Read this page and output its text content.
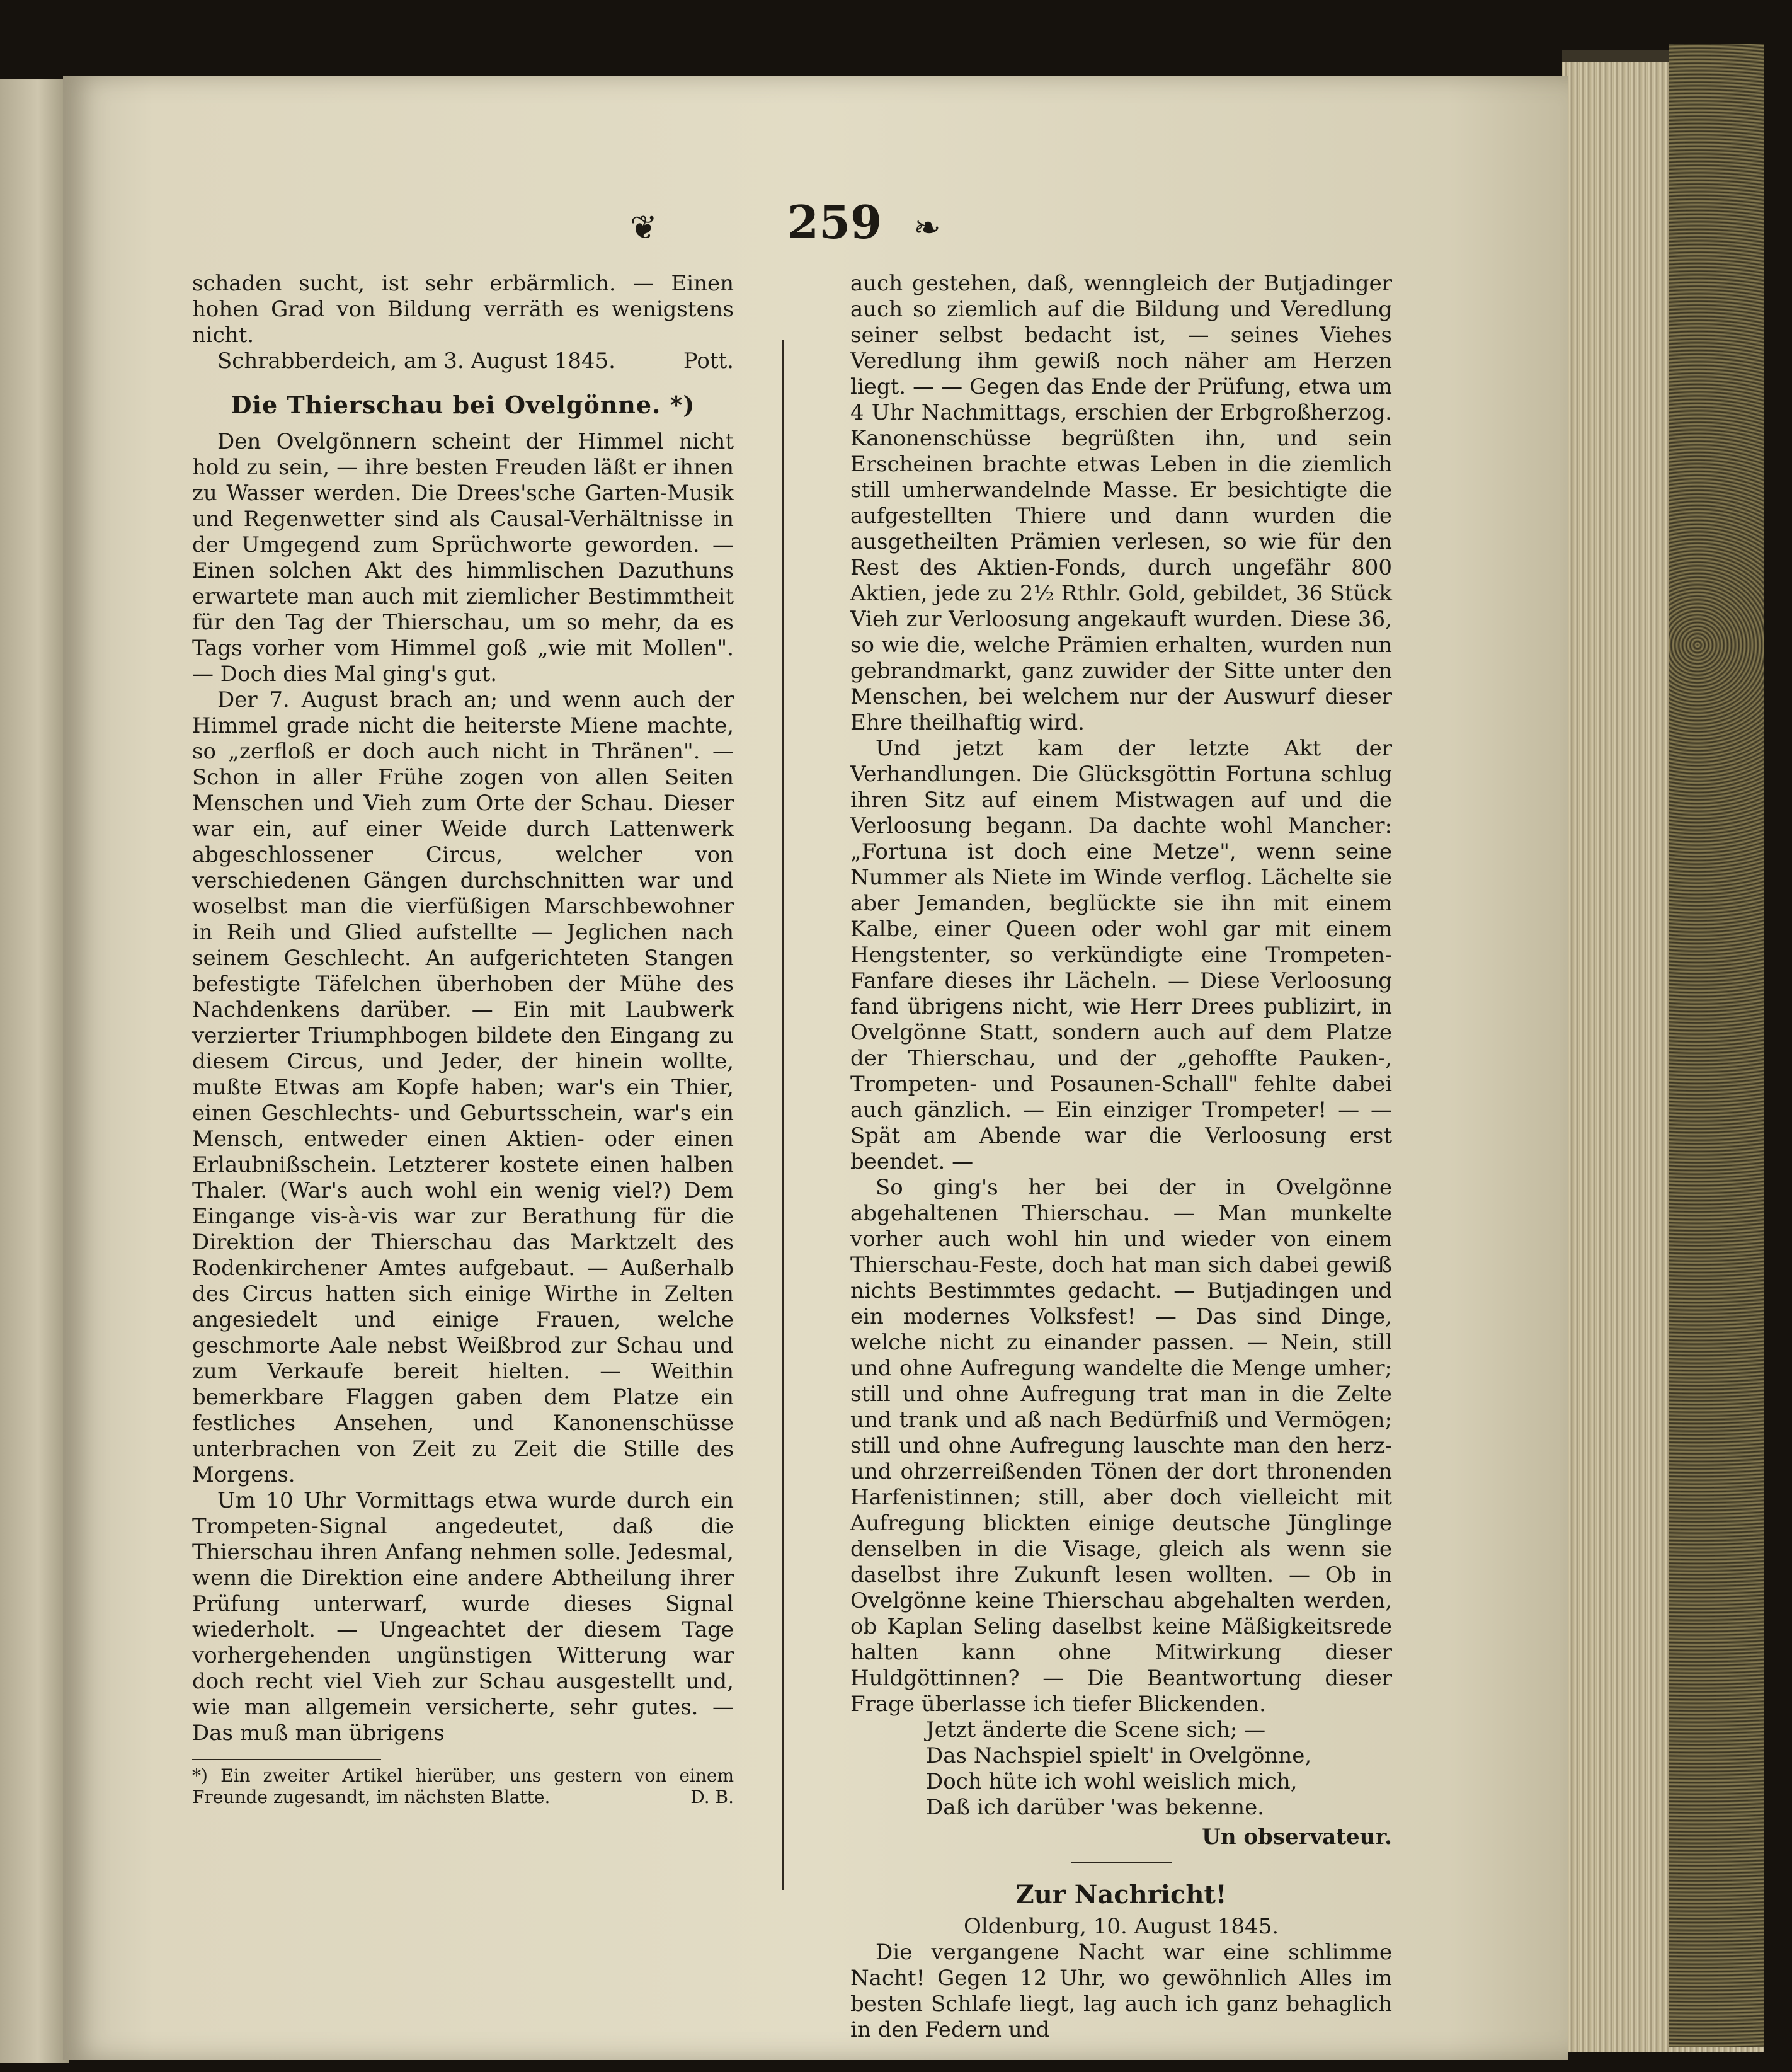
❦	259 ❧

schaden sucht, ist sehr erbärmlich. — Einen hohen Grad von Bildung verräth es wenigstens nicht.

Schrabberdeich, am 3. August 1845.	Pott.
Die Thierschau bei Ovelgönne. *)

Den Ovelgönnern scheint der Himmel nicht hold zu sein, — ihre besten Freuden läßt er ihnen zu Wasser werden. Die Drees'sche Garten-Musik und Regenwetter sind als Causal-Verhältnisse in der Umgegend zum Sprüchworte geworden. — Einen solchen Akt des himmlischen Dazuthuns erwartete man auch mit ziemlicher Bestimmtheit für den Tag der Thierschau, um so mehr, da es Tags vorher vom Himmel goß „wie mit Mollen". — Doch dies Mal ging's gut.

Der 7. August brach an; und wenn auch der Himmel grade nicht die heiterste Miene machte, so „zerfloß er doch auch nicht in Thränen". — Schon in aller Frühe zogen von allen Seiten Menschen und Vieh zum Orte der Schau. Dieser war ein, auf einer Weide durch Lattenwerk abgeschlossener Circus, welcher von verschiedenen Gängen durchschnitten war und woselbst man die vierfüßigen Marschbewohner in Reih und Glied aufstellte — Jeglichen nach seinem Geschlecht. An aufgerichteten Stangen befestigte Täfelchen überhoben der Mühe des Nachdenkens darüber. — Ein mit Laubwerk verzierter Triumphbogen bildete den Eingang zu diesem Circus, und Jeder, der hinein wollte, mußte Etwas am Kopfe haben; war's ein Thier, einen Geschlechts- und Geburtsschein, war's ein Mensch, entweder einen Aktien- oder einen Erlaubnißschein. Letzterer kostete einen halben Thaler. (War's auch wohl ein wenig viel?) Dem Eingange vis-à-vis war zur Berathung für die Direktion der Thierschau das Marktzelt des Rodenkirchener Amtes aufgebaut. — Außerhalb des Circus hatten sich einige Wirthe in Zelten angesiedelt und einige Frauen, welche geschmorte Aale nebst Weißbrod zur Schau und zum Verkaufe bereit hielten. — Weithin bemerkbare Flaggen gaben dem Platze ein festliches Ansehen, und Kanonenschüsse unterbrachen von Zeit zu Zeit die Stille des Morgens.

Um 10 Uhr Vormittags etwa wurde durch ein Trompeten-Signal angedeutet, daß die Thierschau ihren Anfang nehmen solle. Jedesmal, wenn die Direktion eine andere Abtheilung ihrer Prüfung unterwarf, wurde dieses Signal wiederholt. — Ungeachtet der diesem Tage vorhergehenden ungünstigen Witterung war doch recht viel Vieh zur Schau ausgestellt und, wie man allgemein versicherte, sehr gutes. — Das muß man übrigens

*) Ein zweiter Artikel hierüber, uns gestern von einem Freunde zugesandt, im nächsten Blatte.	D. B.

auch gestehen, daß, wenngleich der Butjadinger auch so ziemlich auf die Bildung und Veredlung seiner selbst bedacht ist, — seines Viehes Veredlung ihm gewiß noch näher am Herzen liegt. — — Gegen das Ende der Prüfung, etwa um 4 Uhr Nachmittags, erschien der Erbgroßherzog. Kanonenschüsse begrüßten ihn, und sein Erscheinen brachte etwas Leben in die ziemlich still umherwandelnde Masse. Er besichtigte die aufgestellten Thiere und dann wurden die ausgetheilten Prämien verlesen, so wie für den Rest des Aktien-Fonds, durch ungefähr 800 Aktien, jede zu 2½ Rthlr. Gold, gebildet, 36 Stück Vieh zur Verloosung angekauft wurden. Diese 36, so wie die, welche Prämien erhalten, wurden nun gebrandmarkt, ganz zuwider der Sitte unter den Menschen, bei welchem nur der Auswurf dieser Ehre theilhaftig wird.

Und jetzt kam der letzte Akt der Verhandlungen. Die Glücksgöttin Fortuna schlug ihren Sitz auf einem Mistwagen auf und die Verloosung begann. Da dachte wohl Mancher: „Fortuna ist doch eine Metze", wenn seine Nummer als Niete im Winde verflog. Lächelte sie aber Jemanden, beglückte sie ihn mit einem Kalbe, einer Queen oder wohl gar mit einem Hengstenter, so verkündigte eine Trompeten-Fanfare dieses ihr Lächeln. — Diese Verloosung fand übrigens nicht, wie Herr Drees publizirt, in Ovelgönne Statt, sondern auch auf dem Platze der Thierschau, und der „gehoffte Pauken-, Trompeten- und Posaunen-Schall" fehlte dabei auch gänzlich. — Ein einziger Trompeter! — — Spät am Abende war die Verloosung erst beendet. —

So ging's her bei der in Ovelgönne abgehaltenen Thierschau. — Man munkelte vorher auch wohl hin und wieder von einem Thierschau-Feste, doch hat man sich dabei gewiß nichts Bestimmtes gedacht. — Butjadingen und ein modernes Volksfest! — Das sind Dinge, welche nicht zu einander passen. — Nein, still und ohne Aufregung wandelte die Menge umher; still und ohne Aufregung trat man in die Zelte und trank und aß nach Bedürfniß und Vermögen; still und ohne Aufregung lauschte man den herz- und ohrzerreißenden Tönen der dort thronenden Harfenistinnen; still, aber doch vielleicht mit Aufregung blickten einige deutsche Jünglinge denselben in die Visage, gleich als wenn sie daselbst ihre Zukunft lesen wollten. — Ob in Ovelgönne keine Thierschau abgehalten werden, ob Kaplan Seling daselbst keine Mäßigkeitsrede halten kann ohne Mitwirkung dieser Huldgöttinnen? — Die Beantwortung dieser Frage überlasse ich tiefer Blickenden.

Jetzt änderte die Scene sich; —
Das Nachspiel spielt' in Ovelgönne,
Doch hüte ich wohl weislich mich,
Daß ich darüber 'was bekenne.
Un observateur.
Zur Nachricht!
Oldenburg, 10. August 1845.

Die vergangene Nacht war eine schlimme Nacht! Gegen 12 Uhr, wo gewöhnlich Alles im besten Schlafe liegt, lag auch ich ganz behaglich in den Federn und
